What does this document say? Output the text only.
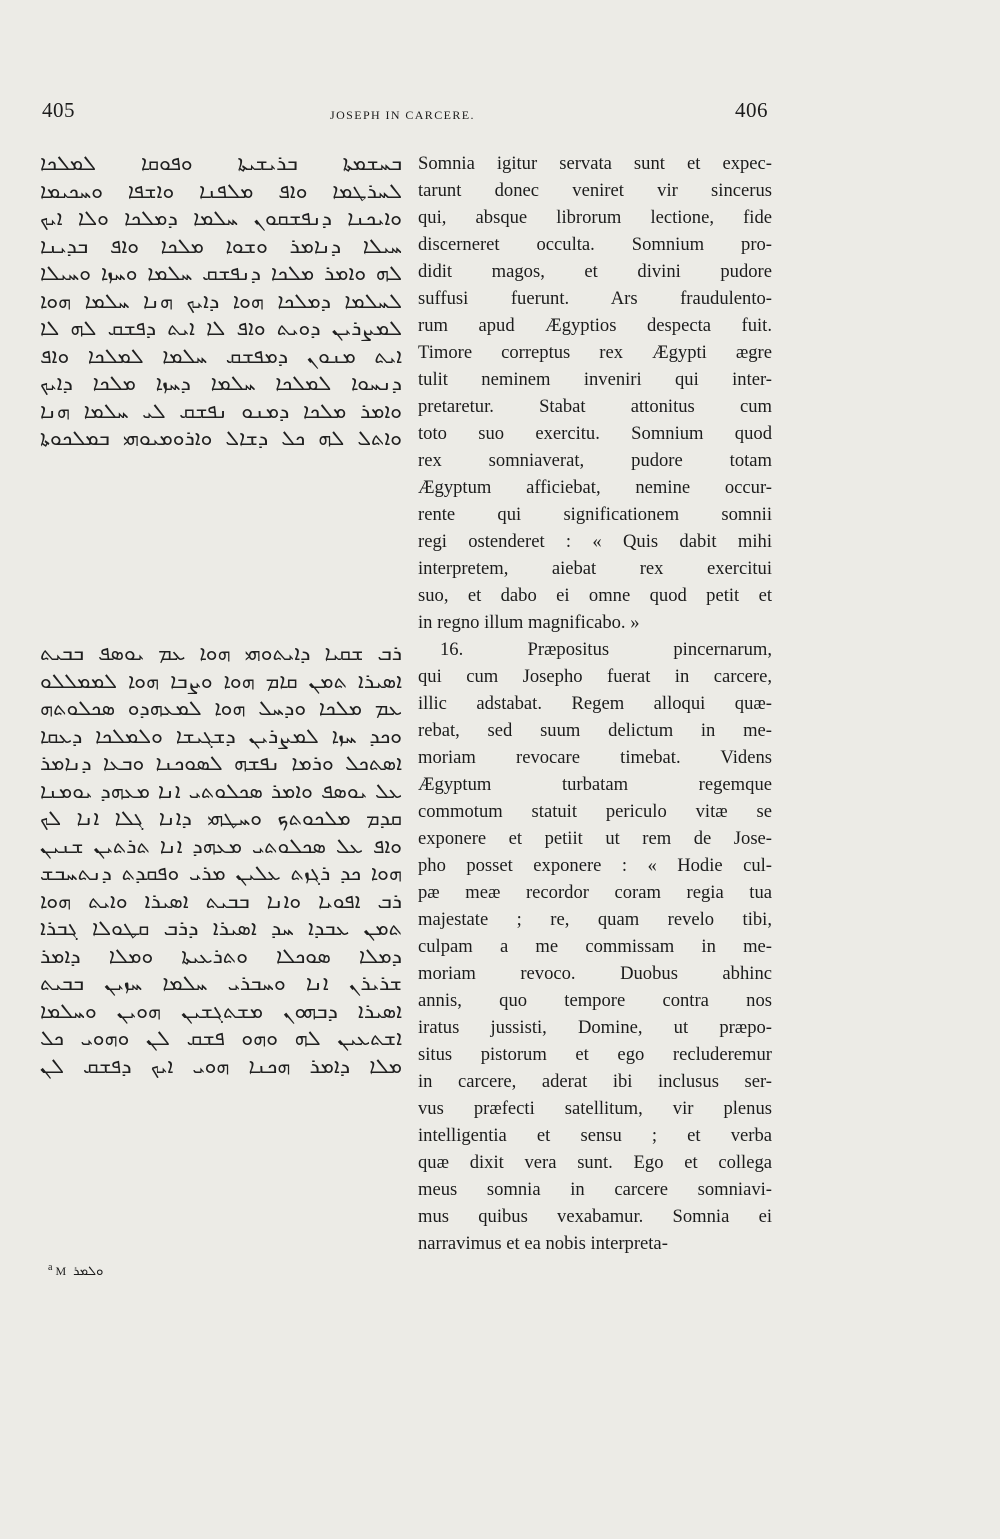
405	JOSEPH IN CARCERE.	406
ܒܚܫܡܬܐ ܒܪܝܫܝܬܐ ܘܦܘܩܐ ܠܡܠܟܐ
ܠܚܪܛܡܐ ܘܐܦ ܡܠܦܢܐ ܘܐܫܦܐ ܘܚܟܝܡܐ
ܘܐܝܟܢܐ ܕܢܦܫܩܘܢ ܚܠܡܐ ܕܡܠܟܐ ܘܠܐ ܐܝܟ
ܚܝܠܐ ܕܢܐܡܪ ܘܫܘܐ ܡܠܟܐ ܘܐܦ ܒܕܝܢܐ
ܠܗ ܘܐܡܪ ܡܠܟܐ ܕܢܦܫܩ ܚܠܡܐ ܘܚܙܐ ܘܚܝܠܐ
ܠܚܠܡܐ ܕܡܠܟܐ ܗܘܐ ܕܐܝܟ ܗܢܐ ܚܠܡܐ ܗܘܐ
ܠܡܨܪܝܢ ܕܘܝܬ ܘܐܦ ܠܐ ܐܝܬ ܕܦܫܩ ܠܗ ܠܐ
ܐܝܬ ܡܢܘܢ ܕܡܦܫܩ ܚܠܡܐ ܠܡܠܟܐ ܘܐܦ
ܕܢܚܘܐ ܠܡܠܟܐ ܚܠܡܐ ܕܚܙܐ ܡܠܟܐ ܕܐܝܟ
ܘܐܡܪ ܡܠܟܐ ܕܡܢܘ ܢܦܫܩ ܠܝ ܚܠܡܐ ܗܢܐ
ܘܐܬܠ ܠܗ ܟܠ ܕܫܐܠ ܘܐܪܘܡܝܘܗܝ ܒܡܠܟܘܬܐ
ܪܒ ܫܩܝܐ ܕܐܝܬܘܗܝ ܗܘܐ ܥܡ ܝܘܣܦ ܒܒܝܬ
ܐܣܝܪܐ ܬܡܢ ܩܐܡ ܗܘܐ ܘܨܒܐ ܗܘܐ ܠܡܡܠܠܘ
ܥܡ ܡܠܟܐ ܘܕܚܠ ܗܘܐ ܠܡܥܗܕܘ ܣܟܠܘܬܗ
ܘܟܕ ܚܙܐ ܠܡܨܪܝܢ ܕܫܓܝܫܐ ܘܠܡܠܟܐ ܕܥܩܐ
ܐܣܬܟܠ ܘܪܡܐ ܢܦܫܗ ܠܣܘܟܢܐ ܘܒܥܐ ܕܢܐܡܪ
ܥܠ ܝܘܣܦ ܘܐܡܪ ܣܟܠܘܬܝ ܐܢܐ ܡܥܗܕ ܝܘܡܢܐ
ܩܕܡ ܡܠܟܘܬܟ ܘܚܛܗܝ ܕܐܢܐ ܓܠܐ ܐܢܐ ܠܟ
ܘܐܦ ܥܠ ܣܟܠܘܬܝ ܡܥܗܕ ܐܢܐ ܬܪܬܝܢ ܫܢܝܢ
ܗܘܐ ܟܕ ܪܓܙܬ ܥܠܝܢ ܡܪܝ ܘܦܩܕܬ ܕܢܬܚܒܫ
ܪܒ ܐܦܘܝܐ ܘܐܢܐ ܒܒܝܬ ܐܣܝܪܐ ܘܐܝܬ ܗܘܐ
ܬܡܢ ܥܒܕܐ ܚܕ ܐܣܝܪܐ ܕܪܒ ܩܛܘܠܐ ܓܒܪܐ
ܕܡܠܐ ܣܘܟܠܐ ܘܬܪܥܝܬܐ ܘܡܠܐ ܕܐܡܪ
ܫܪܝܪܢ ܐܢܐ ܘܚܒܪܝ ܚܠܡܐ ܚܙܝܢ ܒܒܝܬ
ܐܣܝܪܐ ܕܒܗܘܢ ܡܫܬܓܫܝܢ ܗܘܝܢ ܘܚܠܡܐ
ܐܫܬܥܝܢ ܠܗ ܘܗܘ ܦܫܩ ܠܢ ܘܗܘܝ ܟܠ
ܡܠܐ ܕܐܡܪ ܗܟܢܐ ܗܘܝ ܐܝܟ ܕܦܫܩ ܠܢ
$^a$ M ܘܠܡܪ
Somnia igitur servata sunt et expec-
tarunt donec veniret vir sincerus
qui, absque librorum lectione, fide
discerneret occulta. Somnium pro-
didit magos, et divini pudore
suffusi fuerunt. Ars fraudulento-
rum apud Ægyptios despecta fuit.
Timore correptus rex Ægypti ægre
tulit neminem inveniri qui inter-
pretaretur. Stabat attonitus cum
toto suo exercitu. Somnium quod
rex somniaverat, pudore totam
Ægyptum afficiebat, nemine occur-
rente qui significationem somnii
regi ostenderet : « Quis dabit mihi
interpretem, aiebat rex exercitui
suo, et dabo ei omne quod petit et
in regno illum magnificabo. »
16. Præpositus pincernarum,
qui cum Josepho fuerat in carcere,
illic adstabat. Regem alloqui quæ-
rebat, sed suum delictum in me-
moriam revocare timebat. Videns
Ægyptum turbatam regemque
commotum statuit periculo vitæ se
exponere et petiit ut rem de Jose-
pho posset exponere : « Hodie cul-
pæ meæ recordor coram regia tua
majestate ; re, quam revelo tibi,
culpam a me commissam in me-
moriam revoco. Duobus abhinc
annis, quo tempore contra nos
iratus jussisti, Domine, ut præpo-
situs pistorum et ego recluderemur
in carcere, aderat ibi inclusus ser-
vus præfecti satellitum, vir plenus
intelligentia et sensu ; et verba
quæ dixit vera sunt. Ego et collega
meus somnia in carcere somniavi-
mus quibus vexabamur. Somnia ei
narravimus et ea nobis interpreta-
